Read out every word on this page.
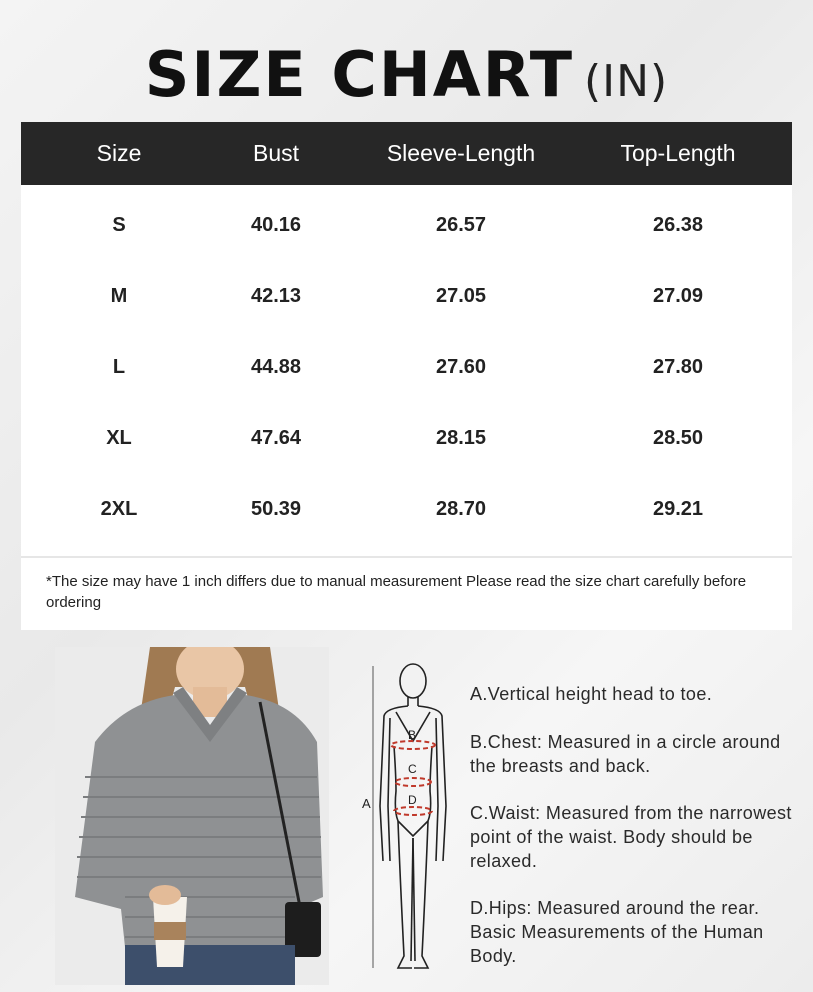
SIZE CHART (IN)
Size	Bust	Sleeve-Length	Top-Length
S	40.16	26.57	26.38
M	42.13	27.05	27.09
L	44.88	27.60	27.80
XL	47.64	28.15	28.50
2XL	50.39	28.70	29.21
*The size may have 1 inch differs due to manual measurement Please read the size chart carefully before ordering
A
B
C
D

A.Vertical height head to toe.

B.Chest: Measured in a circle around the breasts and back.

C.Waist: Measured from the narrowest point of the waist. Body should be relaxed.

D.Hips: Measured around the rear. Basic Measurements of the Human Body.
